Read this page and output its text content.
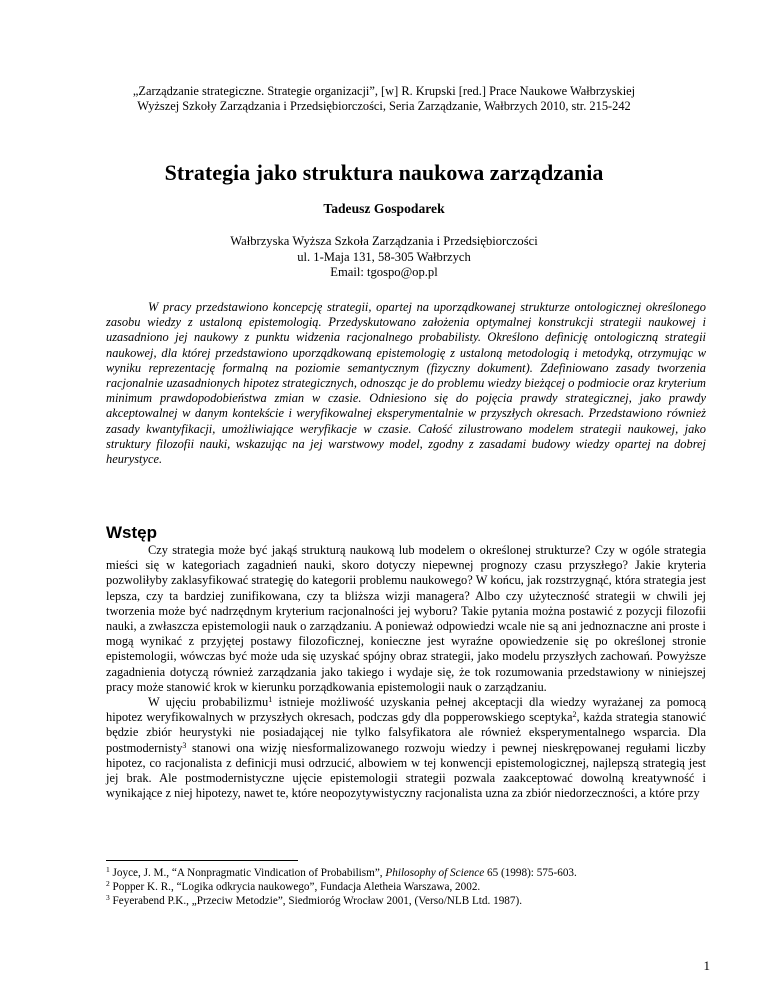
„Zarządzanie strategiczne. Strategie organizacji”, [w] R. Krupski [red.] Prace Naukowe Wałbrzyskiej
Wyższej Szkoły Zarządzania i Przedsiębiorczości, Seria Zarządzanie, Wałbrzych 2010, str. 215-242
Strategia jako struktura naukowa zarządzania
Tadeusz Gospodarek
Wałbrzyska Wyższa Szkoła Zarządzania i Przedsiębiorczości
ul. 1-Maja 131, 58-305 Wałbrzych
Email: tgospo@op.pl

W pracy przedstawiono koncepcję strategii, opartej na uporządkowanej strukturze ontologicznej określonego zasobu wiedzy z ustaloną epistemologią. Przedyskutowano założenia optymalnej konstrukcji strategii naukowej i uzasadniono jej naukowy z punktu widzenia racjonalnego probabilisty. Określono definicję ontologiczną strategii naukowej, dla której przedstawiono uporządkowaną epistemologię z ustaloną metodologią i metodyką, otrzymując w wyniku reprezentację formalną na poziomie semantycznym (fizyczny dokument). Zdefiniowano zasady tworzenia racjonalnie uzasadnionych hipotez strategicznych, odnosząc je do problemu wiedzy bieżącej o podmiocie oraz kryterium minimum prawdopodobieństwa zmian w czasie. Odniesiono się do pojęcia prawdy strategicznej, jako prawdy akceptowalnej w danym kontekście i weryfikowalnej eksperymentalnie w przyszłych okresach. Przedstawiono również zasady kwantyfikacji, umożliwiające weryfikacje w czasie. Całość zilustrowano modelem strategii naukowej, jako struktury filozofii nauki, wskazując na jej warstwowy model, zgodny z zasadami budowy wiedzy opartej na dobrej heurystyce.

Wstęp

Czy strategia może być jakąś strukturą naukową lub modelem o określonej strukturze? Czy w ogóle strategia mieści się w kategoriach zagadnień nauki, skoro dotyczy niepewnej prognozy czasu przyszłego? Jakie kryteria pozwoliłyby zaklasyfikować strategię do kategorii problemu naukowego? W końcu, jak rozstrzygnąć, która strategia jest lepsza, czy ta bardziej zunifikowana, czy ta bliższa wizji managera? Albo czy użyteczność strategii w chwili jej tworzenia może być nadrzędnym kryterium racjonalności jej wyboru? Takie pytania można postawić z pozycji filozofii nauki, a zwłaszcza epistemologii nauk o zarządzaniu. A ponieważ odpowiedzi wcale nie są ani jednoznaczne ani proste i mogą wynikać z przyjętej postawy filozoficznej, konieczne jest wyraźne opowiedzenie się po określonej stronie epistemologii, wówczas być może uda się uzyskać spójny obraz strategii, jako modelu przyszłych zachowań. Powyższe zagadnienia dotyczą również zarządzania jako takiego i wydaje się, że tok rozumowania przedstawiony w niniejszej pracy może stanowić krok w kierunku porządkowania epistemologii nauk o zarządzaniu.

W ujęciu probabilizmu$^1$ istnieje możliwość uzyskania pełnej akceptacji dla wiedzy wyrażanej za pomocą hipotez weryfikowalnych w przyszłych okresach, podczas gdy dla popperowskiego sceptyka$^2$, każda strategia stanowić będzie zbiór heurystyki nie posiadającej nie tylko falsyfikatora ale również eksperymentalnego wsparcia. Dla postmodernisty$^3$ stanowi ona wizję niesformalizowanego rozwoju wiedzy i pewnej nieskrępowanej regułami liczby hipotez, co racjonalista z definicji musi odrzucić, albowiem w tej konwencji epistemologicznej, najlepszą strategią jest jej brak. Ale postmodernistyczne ujęcie epistemologii strategii pozwala zaakceptować dowolną kreatywność i wynikające z niej hipotezy, nawet te, które neopozytywistyczny racjonalista uzna za zbiór niedorzeczności, a które przy

$^1$ Joyce, J. M., “A Nonpragmatic Vindication of Probabilism”, Philosophy of Science 65 (1998): 575-603.

$^2$ Popper K. R., “Logika odkrycia naukowego”, Fundacja Aletheia Warszawa, 2002.

$^3$ Feyerabend P.K., „Przeciw Metodzie”, Siedmioróg Wrocław 2001, (Verso/NLB Ltd. 1987).

1
